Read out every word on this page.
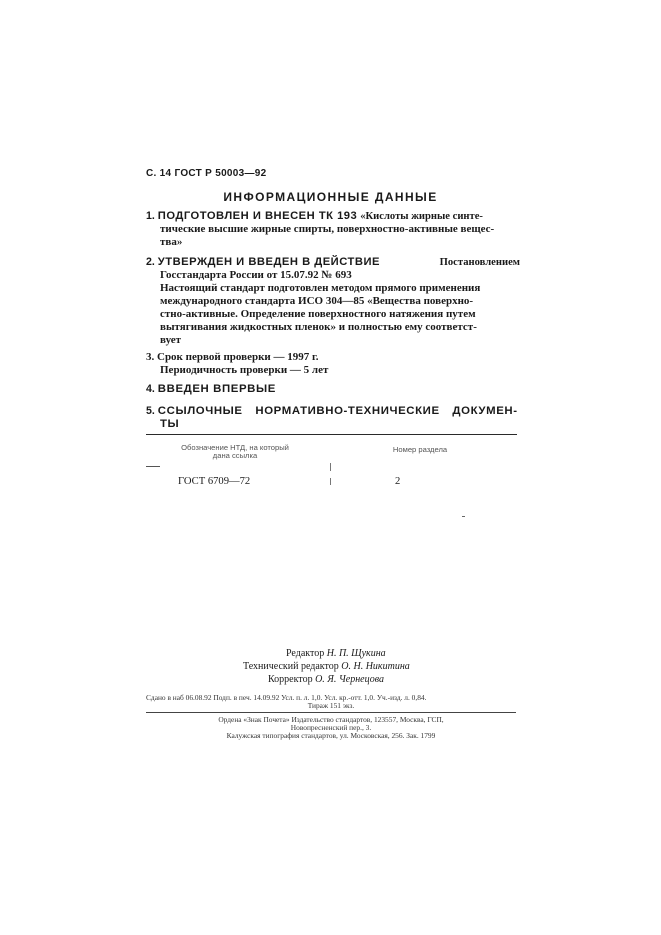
С. 14 ГОСТ Р 50003—92
ИНФОРМАЦИОННЫЕ ДАННЫЕ
1. ПОДГОТОВЛЕН И ВНЕСЕН ТК 193 «Кислоты жирные синте-
тические высшие жирные спирты, поверхностно-активные вещес-
тва»
2. УТВЕРЖДЕН И ВВЕДЕН В ДЕЙСТВИЕ	Постановлением
Госстандарта России от 15.07.92 № 693
Настоящий стандарт подготовлен методом прямого применения
международного стандарта ИСО 304—85 «Вещества поверхно-
стно-активные. Определение поверхностного натяжения путем
вытягивания жидкостных пленок» и полностью ему соответст-
вует
3. Срок первой проверки — 1997 г.
Периодичность проверки — 5 лет
4. ВВЕДЕН ВПЕРВЫЕ
5. ССЫЛОЧНЫЕ НОРМАТИВНО-ТЕХНИЧЕСКИЕ ДОКУМЕН-
ТЫ
Обозначение НТД, на который
дана ссылка
Номер раздела
ГОСТ 6709—72	2
Редактор Н. П. Щукина
Технический редактор О. Н. Никитина
Корректор О. Я. Чернецова
Сдано в наб 06.08.92 Подп. в печ. 14.09.92 Усл. п. л. 1,0. Усл. кр.-отт. 1,0. Уч.-изд. л. 0,84.
Тираж 151 экз.
Ордена «Знак Почета» Издательство стандартов, 123557, Москва, ГСП,
Новопресненский пер., 3.
Калужская типография стандартов, ул. Московская, 256. Зак. 1799
